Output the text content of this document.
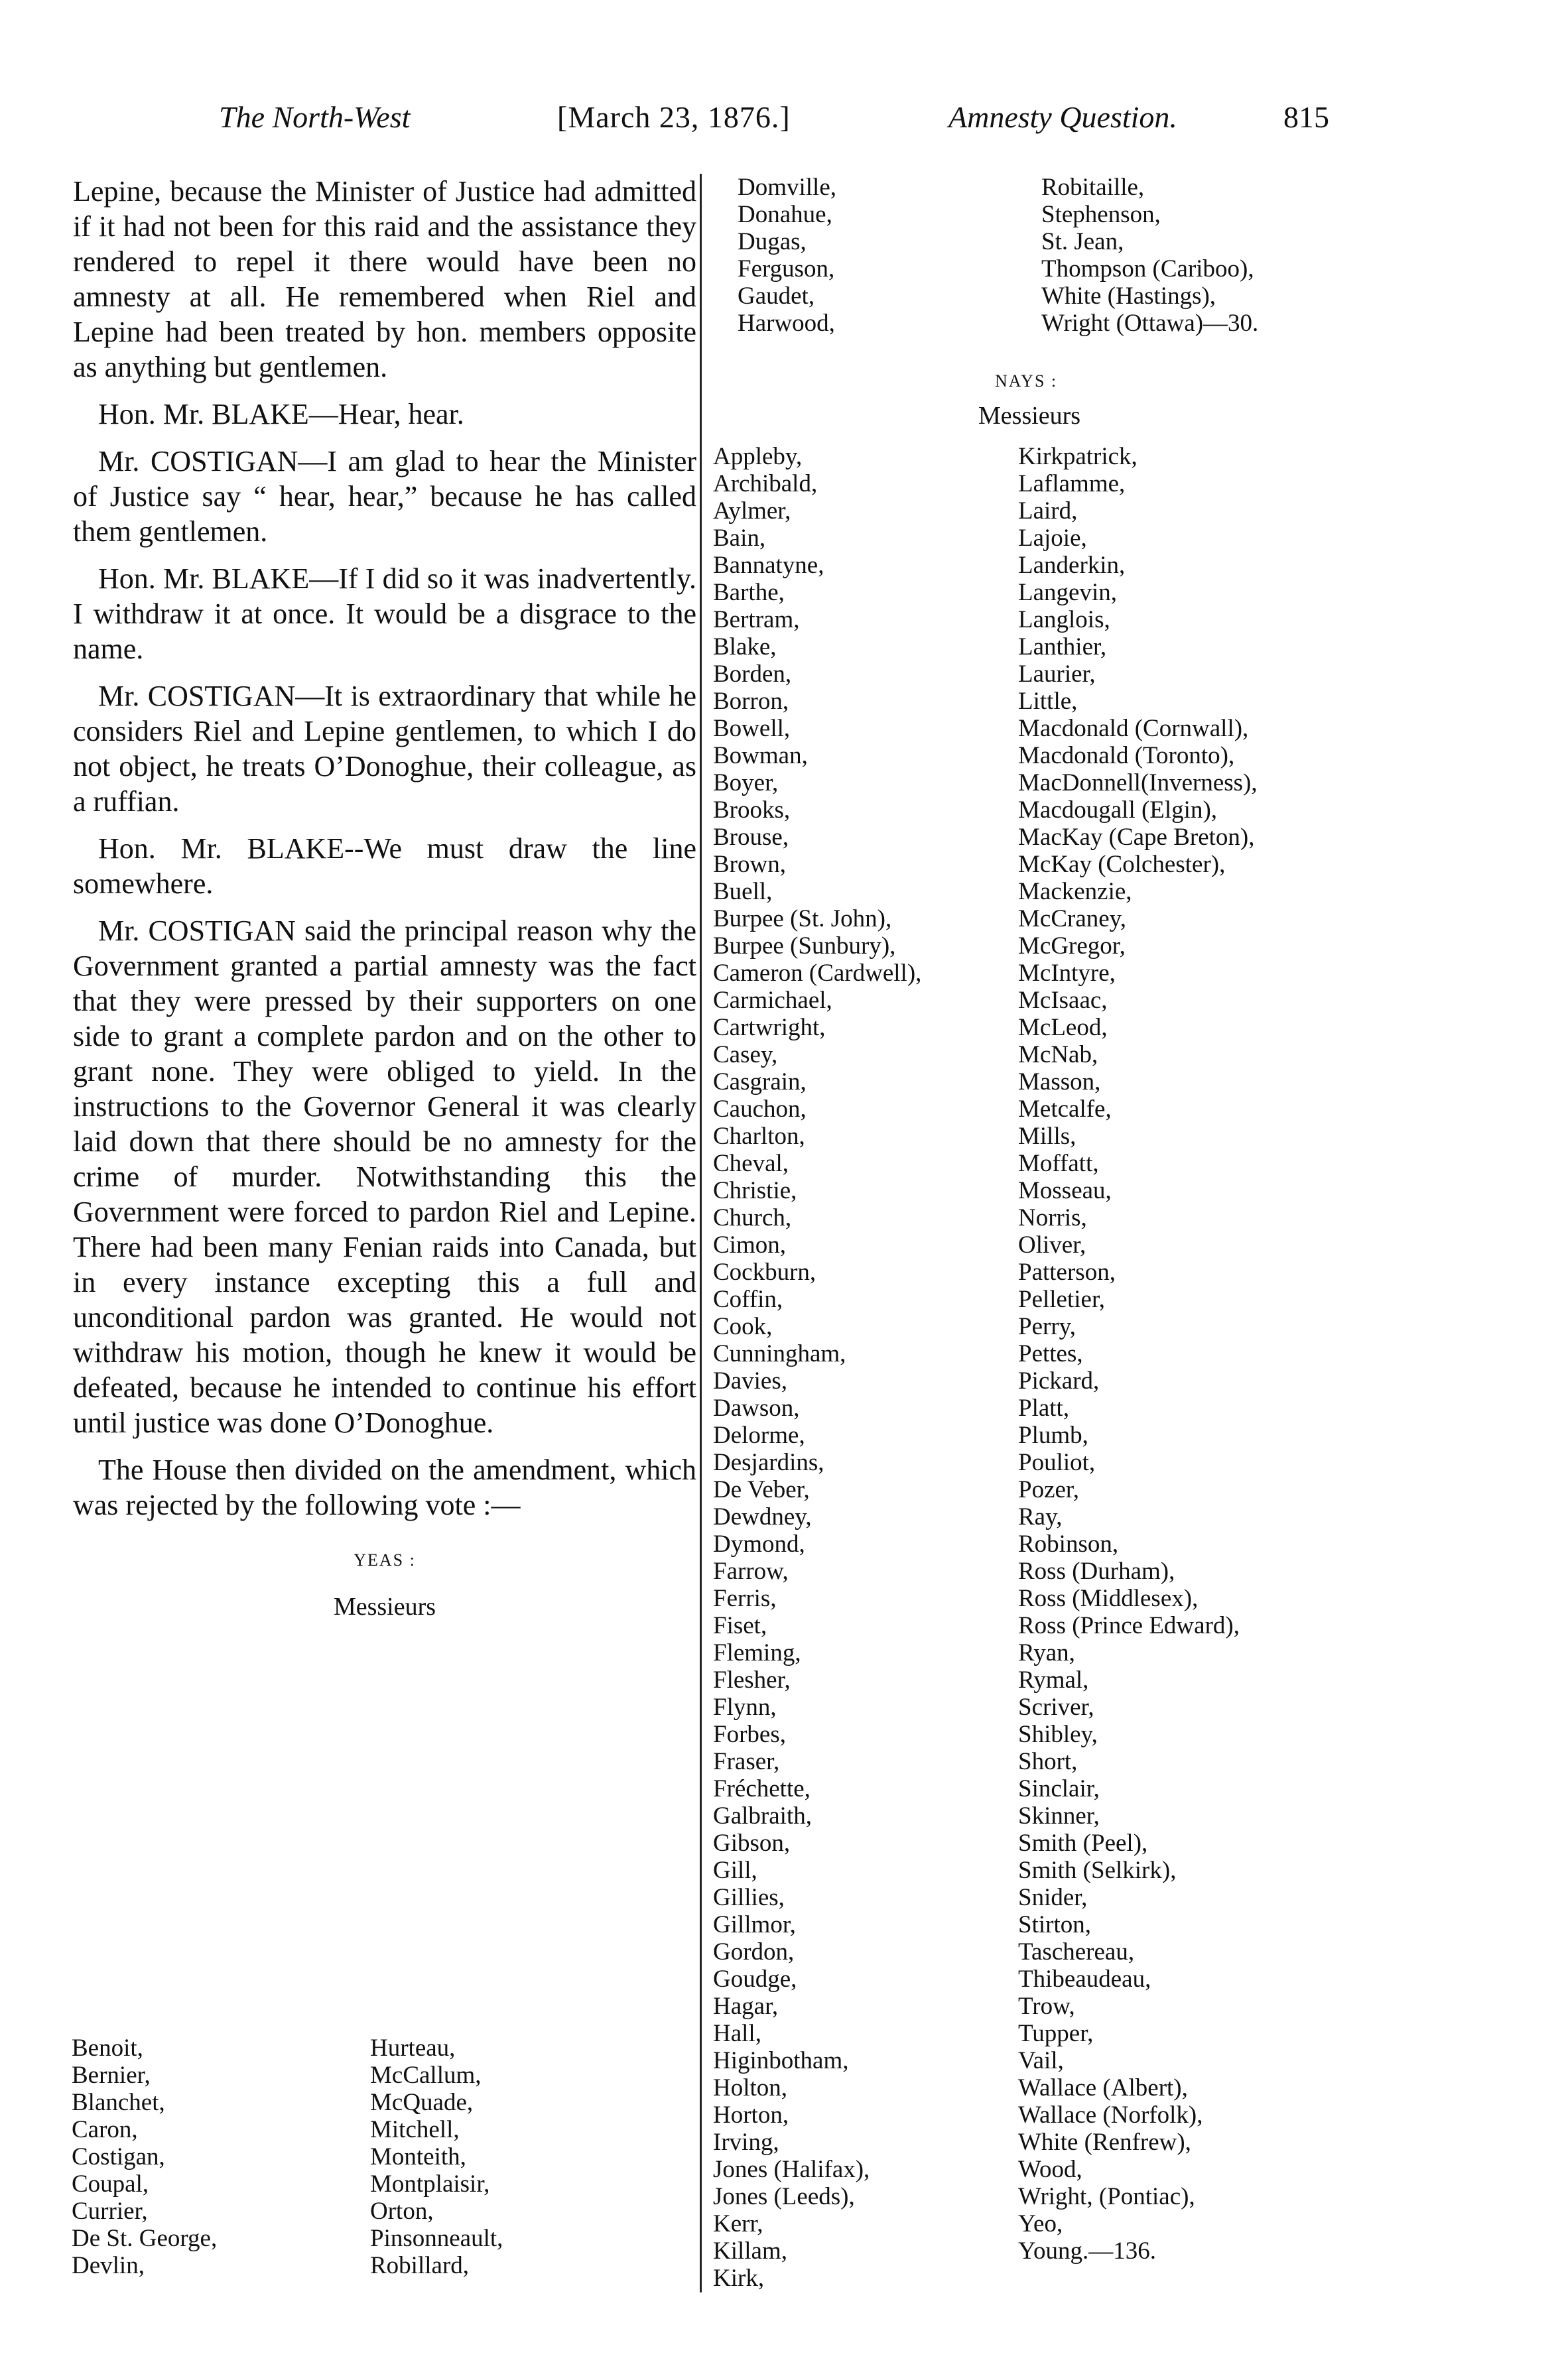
The North-West	[March 23, 1876.]	Amnesty Question.	815

Lepine, because the Minister of Justice had admitted if it had not been for this raid and the assistance they rendered to repel it there would have been no amnesty at all. He remembered when Riel and Lepine had been treated by hon. members opposite as anything but gentlemen.

Hon. Mr. BLAKE—Hear, hear.

Mr. COSTIGAN—I am glad to hear the Minister of Justice say “ hear, hear,” because he has called them gentlemen.

Hon. Mr. BLAKE—If I did so it was inadvertently. I withdraw it at once. It would be a disgrace to the name.

Mr. COSTIGAN—It is extraordinary that while he considers Riel and Lepine gentlemen, to which I do not object, he treats O’Donoghue, their colleague, as a ruffian.

Hon. Mr. BLAKE--We must draw the line somewhere.

Mr. COSTIGAN said the principal reason why the Government granted a partial amnesty was the fact that they were pressed by their supporters on one side to grant a complete pardon and on the other to grant none. They were obliged to yield. In the instructions to the Governor General it was clearly laid down that there should be no amnesty for the crime of murder. Notwithstanding this the Government were forced to pardon Riel and Lepine. There had been many Fenian raids into Canada, but in every instance excepting this a full and unconditional pardon was granted. He would not withdraw his motion, though he knew it would be defeated, because he intended to continue his effort until justice was done O’Donoghue.

The House then divided on the amendment, which was rejected by the following vote :—

YEAS :
Messieurs
Benoit,
Bernier,
Blanchet,
Caron,
Costigan,
Coupal,
Currier,
De St. George,
Devlin,
Hurteau,
McCallum,
McQuade,
Mitchell,
Monteith,
Montplaisir,
Orton,
Pinsonneault,
Robillard,
Domville,
Donahue,
Dugas,
Ferguson,
Gaudet,
Harwood,
Robitaille,
Stephenson,
St. Jean,
Thompson (Cariboo),
White (Hastings),
Wright (Ottawa)—30.
NAYS :
Messieurs
Appleby,
Archibald,
Aylmer,
Bain,
Bannatyne,
Barthe,
Bertram,
Blake,
Borden,
Borron,
Bowell,
Bowman,
Boyer,
Brooks,
Brouse,
Brown,
Buell,
Burpee (St. John),
Burpee (Sunbury),
Cameron (Cardwell),
Carmichael,
Cartwright,
Casey,
Casgrain,
Cauchon,
Charlton,
Cheval,
Christie,
Church,
Cimon,
Cockburn,
Coffin,
Cook,
Cunningham,
Davies,
Dawson,
Delorme,
Desjardins,
De Veber,
Dewdney,
Dymond,
Farrow,
Ferris,
Fiset,
Fleming,
Flesher,
Flynn,
Forbes,
Fraser,
Fréchette,
Galbraith,
Gibson,
Gill,
Gillies,
Gillmor,
Gordon,
Goudge,
Hagar,
Hall,
Higinbotham,
Holton,
Horton,
Irving,
Jones (Halifax),
Jones (Leeds),
Kerr,
Killam,
Kirk,
Kirkpatrick,
Laflamme,
Laird,
Lajoie,
Landerkin,
Langevin,
Langlois,
Lanthier,
Laurier,
Little,
Macdonald (Cornwall),
Macdonald (Toronto),
MacDonnell(Inverness),
Macdougall (Elgin),
MacKay (Cape Breton),
McKay (Colchester),
Mackenzie,
McCraney,
McGregor,
McIntyre,
McIsaac,
McLeod,
McNab,
Masson,
Metcalfe,
Mills,
Moffatt,
Mosseau,
Norris,
Oliver,
Patterson,
Pelletier,
Perry,
Pettes,
Pickard,
Platt,
Plumb,
Pouliot,
Pozer,
Ray,
Robinson,
Ross (Durham),
Ross (Middlesex),
Ross (Prince Edward),
Ryan,
Rymal,
Scriver,
Shibley,
Short,
Sinclair,
Skinner,
Smith (Peel),
Smith (Selkirk),
Snider,
Stirton,
Taschereau,
Thibeaudeau,
Trow,
Tupper,
Vail,
Wallace (Albert),
Wallace (Norfolk),
White (Renfrew),
Wood,
Wright, (Pontiac),
Yeo,
Young.—136.
